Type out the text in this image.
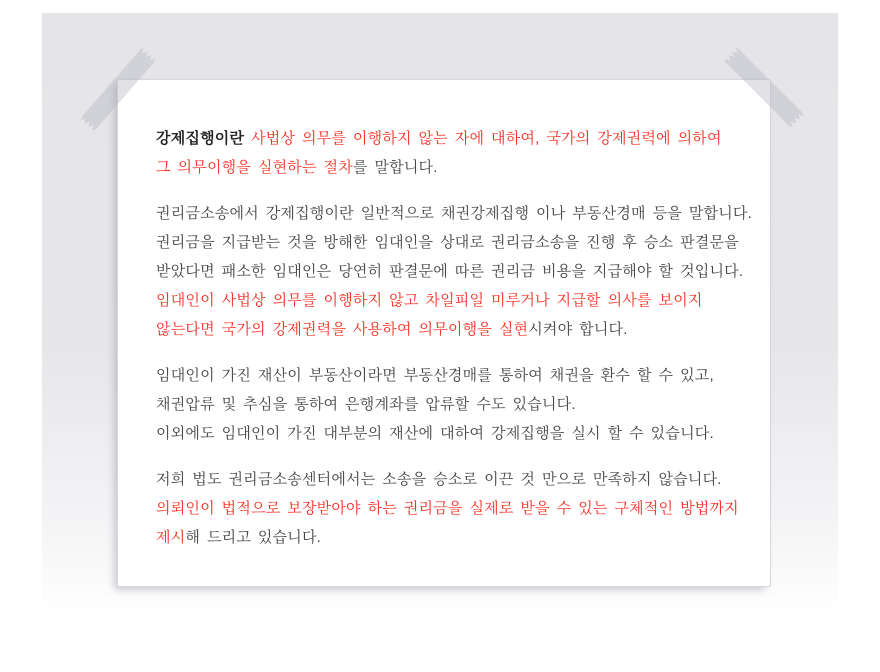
강제집행이란 사법상 의무를 이행하지 않는 자에 대하여, 국가의 강제권력에 의하여
그 의무이행을 실현하는 절차를 말합니다.
권리금소송에서 강제집행이란 일반적으로 채권강제집행 이나 부동산경매 등을 말합니다.
권리금을 지급받는 것을 방해한 임대인을 상대로 권리금소송을 진행 후 승소 판결문을
받았다면 패소한 임대인은 당연히 판결문에 따른 권리금 비용을 지급해야 할 것입니다.
임대인이 사법상 의무를 이행하지 않고 차일피일 미루거나 지급할 의사를 보이지
않는다면 국가의 강제권력을 사용하여 의무이행을 실현시켜야 합니다.
임대인이 가진 재산이 부동산이라면 부동산경매를 통하여 채권을 환수 할 수 있고,
채권압류 및 추심을 통하여 은행계좌를 압류할 수도 있습니다.
이외에도 임대인이 가진 대부분의 재산에 대하여 강제집행을 실시 할 수 있습니다.
저희 법도 권리금소송센터에서는 소송을 승소로 이끈 것 만으로 만족하지 않습니다.
의뢰인이 법적으로 보장받아야 하는 권리금을 실제로 받을 수 있는 구체적인 방법까지
제시해 드리고 있습니다.
